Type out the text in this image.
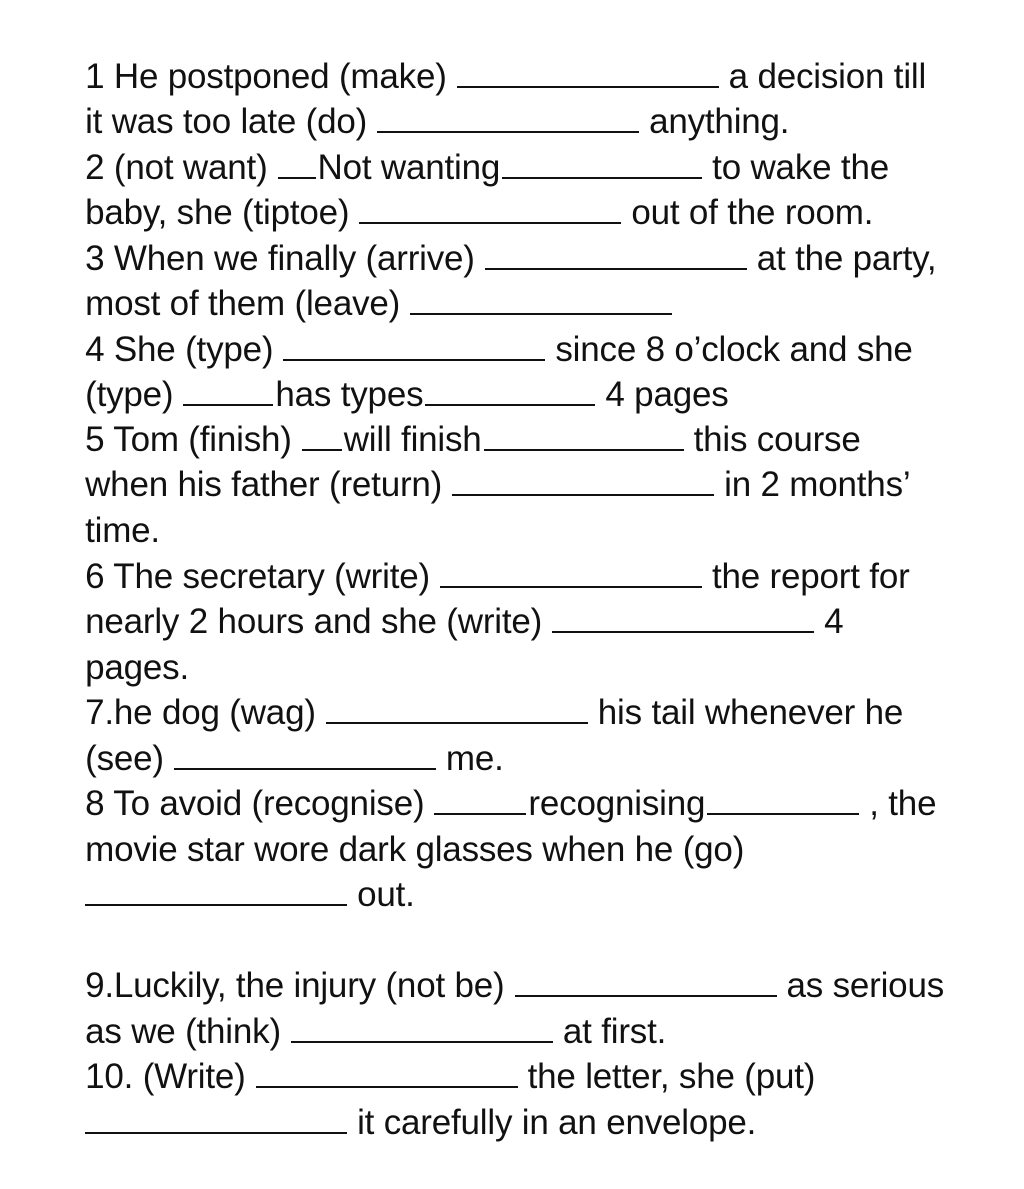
1 He postponed (make)	a decision till

it was too late (do)	anything.

2 (not want) Not wanting	to wake the

baby, she (tiptoe)	out of the room.

3 When we finally (arrive)	at the party,

most of them (leave)

4 She (type)	since 8 o’clock and she

(type)	has types	4 pages

5 Tom (finish) will finish	this course

when his father (return)	in 2 months’

time.

6 The secretary (write)	the report for

nearly 2 hours and she (write)	4

pages.

7.he dog (wag)	his tail whenever he

(see)	me.

8 To avoid (recognise)	recognising	, the

movie star wore dark glasses when he (go)

out.

9.Luckily, the injury (not be)	as serious

as we (think)	at first.

10. (Write)	the letter, she (put)

it carefully in an envelope.
